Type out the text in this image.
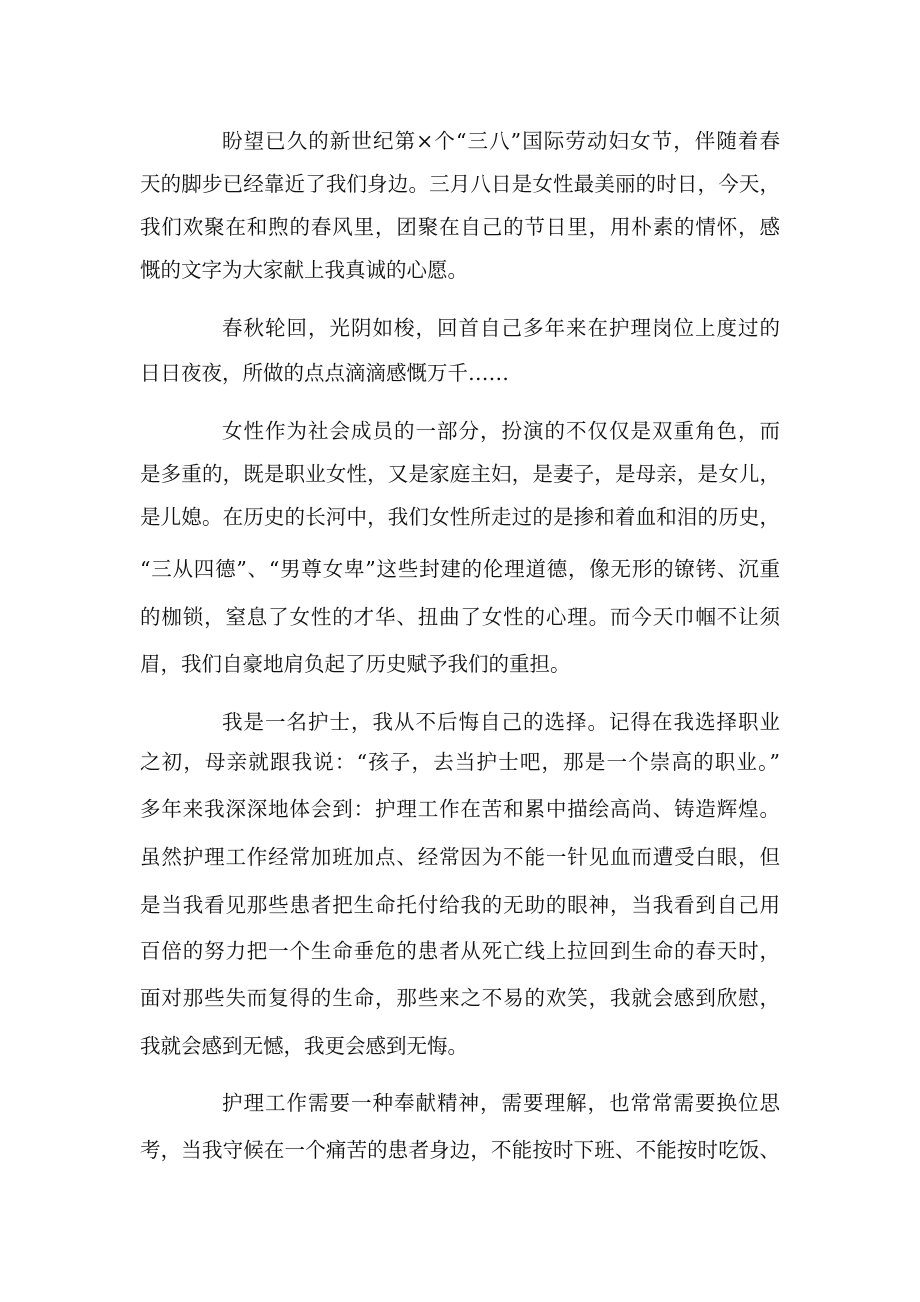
盼望已久的新世纪第×个“三八”国际劳动妇女节，伴随着春
天的脚步已经靠近了我们身边。三月八日是女性最美丽的时日，今天，
我们欢聚在和煦的春风里，团聚在自己的节日里，用朴素的情怀，感
慨的文字为大家献上我真诚的心愿。
春秋轮回，光阴如梭，回首自己多年来在护理岗位上度过的
日日夜夜，所做的点点滴滴感慨万千……
女性作为社会成员的一部分，扮演的不仅仅是双重角色，而
是多重的，既是职业女性，又是家庭主妇，是妻子，是母亲，是女儿，
是儿媳。在历史的长河中，我们女性所走过的是掺和着血和泪的历史，
“三从四德”、“男尊女卑”这些封建的伦理道德，像无形的镣铐、沉重
的枷锁，窒息了女性的才华、扭曲了女性的心理。而今天巾帼不让须
眉，我们自豪地肩负起了历史赋予我们的重担。
我是一名护士，我从不后悔自己的选择。记得在我选择职业
之初，母亲就跟我说：“孩子，去当护士吧，那是一个崇高的职业。”
多年来我深深地体会到：护理工作在苦和累中描绘高尚、铸造辉煌。
虽然护理工作经常加班加点、经常因为不能一针见血而遭受白眼，但
是当我看见那些患者把生命托付给我的无助的眼神，当我看到自己用
百倍的努力把一个生命垂危的患者从死亡线上拉回到生命的春天时，
面对那些失而复得的生命，那些来之不易的欢笑，我就会感到欣慰，
我就会感到无憾，我更会感到无悔。
护理工作需要一种奉献精神，需要理解，也常常需要换位思
考，当我守候在一个痛苦的患者身边，不能按时下班、不能按时吃饭、
